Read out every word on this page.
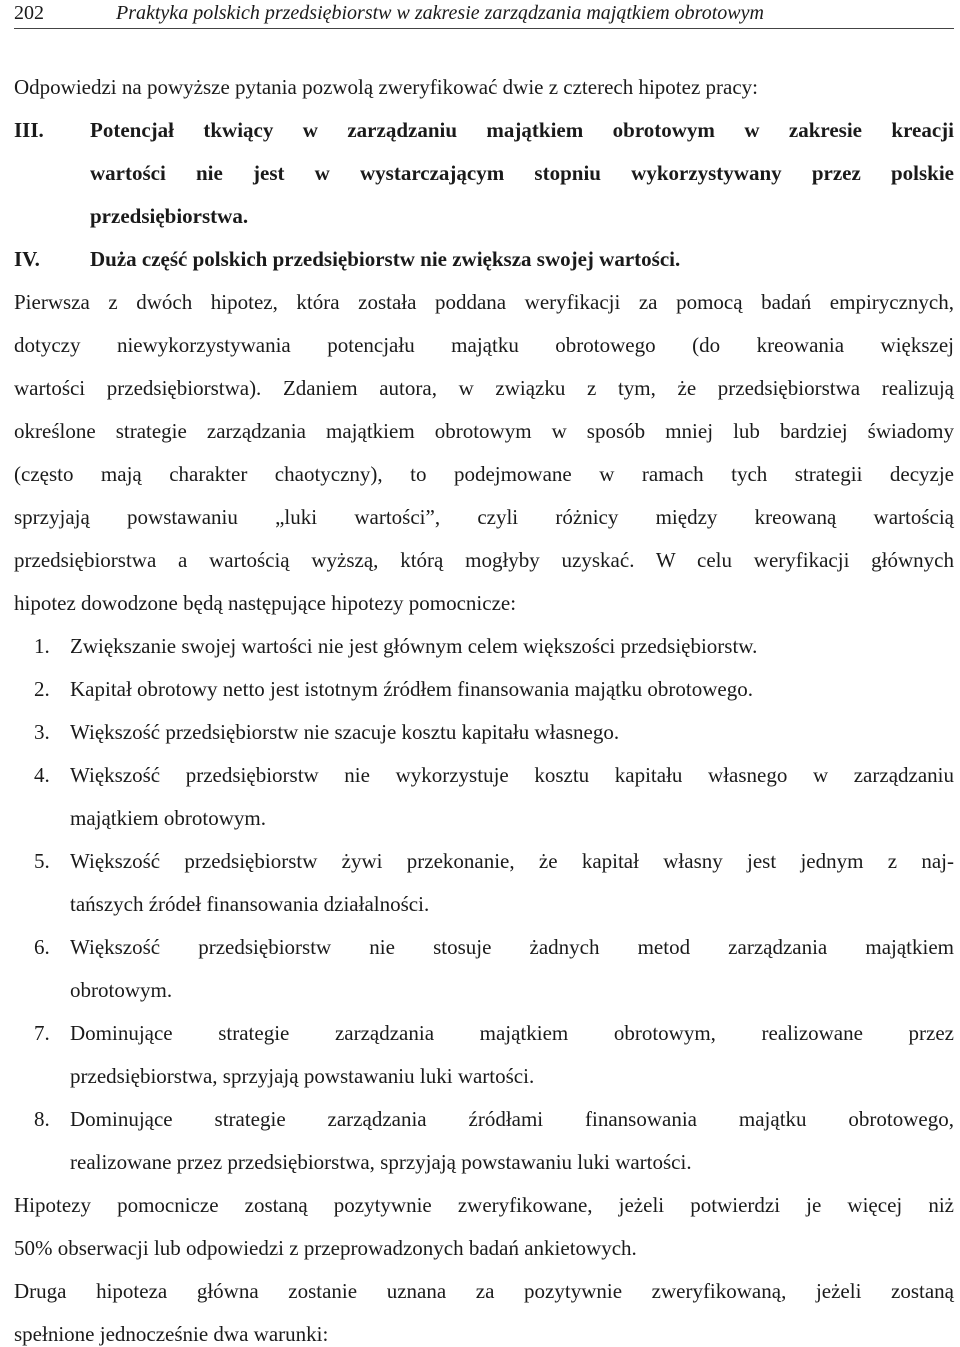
202	Praktyka polskich przedsiębiorstw w zakresie zarządzania majątkiem obrotowym
Odpowiedzi na powyższe pytania pozwolą zweryfikować dwie z czterech hipotez pracy:
III. Potencjał tkwiący w zarządzaniu majątkiem obrotowym w zakresie kreacji
wartości nie jest w wystarczającym stopniu wykorzystywany przez polskie
przedsiębiorstwa.
IV. Duża część polskich przedsiębiorstw nie zwiększa swojej wartości.
Pierwsza z dwóch hipotez, która została poddana weryfikacji za pomocą badań empirycznych,
dotyczy niewykorzystywania potencjału majątku obrotowego (do kreowania większej
wartości przedsiębiorstwa). Zdaniem autora, w związku z tym, że przedsiębiorstwa realizują
określone strategie zarządzania majątkiem obrotowym w sposób mniej lub bardziej świadomy
(często mają charakter chaotyczny), to podejmowane w ramach tych strategii decyzje
sprzyjają powstawaniu „luki wartości”, czyli różnicy między kreowaną wartością
przedsiębiorstwa a wartością wyższą, którą mogłyby uzyskać. W celu weryfikacji głównych
hipotez dowodzone będą następujące hipotezy pomocnicze:
1. Zwiększanie swojej wartości nie jest głównym celem większości przedsiębiorstw.
2. Kapitał obrotowy netto jest istotnym źródłem finansowania majątku obrotowego.
3. Większość przedsiębiorstw nie szacuje kosztu kapitału własnego.
4. Większość przedsiębiorstw nie wykorzystuje kosztu kapitału własnego w zarządzaniu
majątkiem obrotowym.
5. Większość przedsiębiorstw żywi przekonanie, że kapitał własny jest jednym z naj-
tańszych źródeł finansowania działalności.
6. Większość przedsiębiorstw nie stosuje żadnych metod zarządzania majątkiem
obrotowym.
7. Dominujące strategie zarządzania majątkiem obrotowym, realizowane przez
przedsiębiorstwa, sprzyjają powstawaniu luki wartości.
8. Dominujące strategie zarządzania źródłami finansowania majątku obrotowego,
realizowane przez przedsiębiorstwa, sprzyjają powstawaniu luki wartości.
Hipotezy pomocnicze zostaną pozytywnie zweryfikowane, jeżeli potwierdzi je więcej niż
50% obserwacji lub odpowiedzi z przeprowadzonych badań ankietowych.
Druga hipoteza główna zostanie uznana za pozytywnie zweryfikowaną, jeżeli zostaną
spełnione jednocześnie dwa warunki:
